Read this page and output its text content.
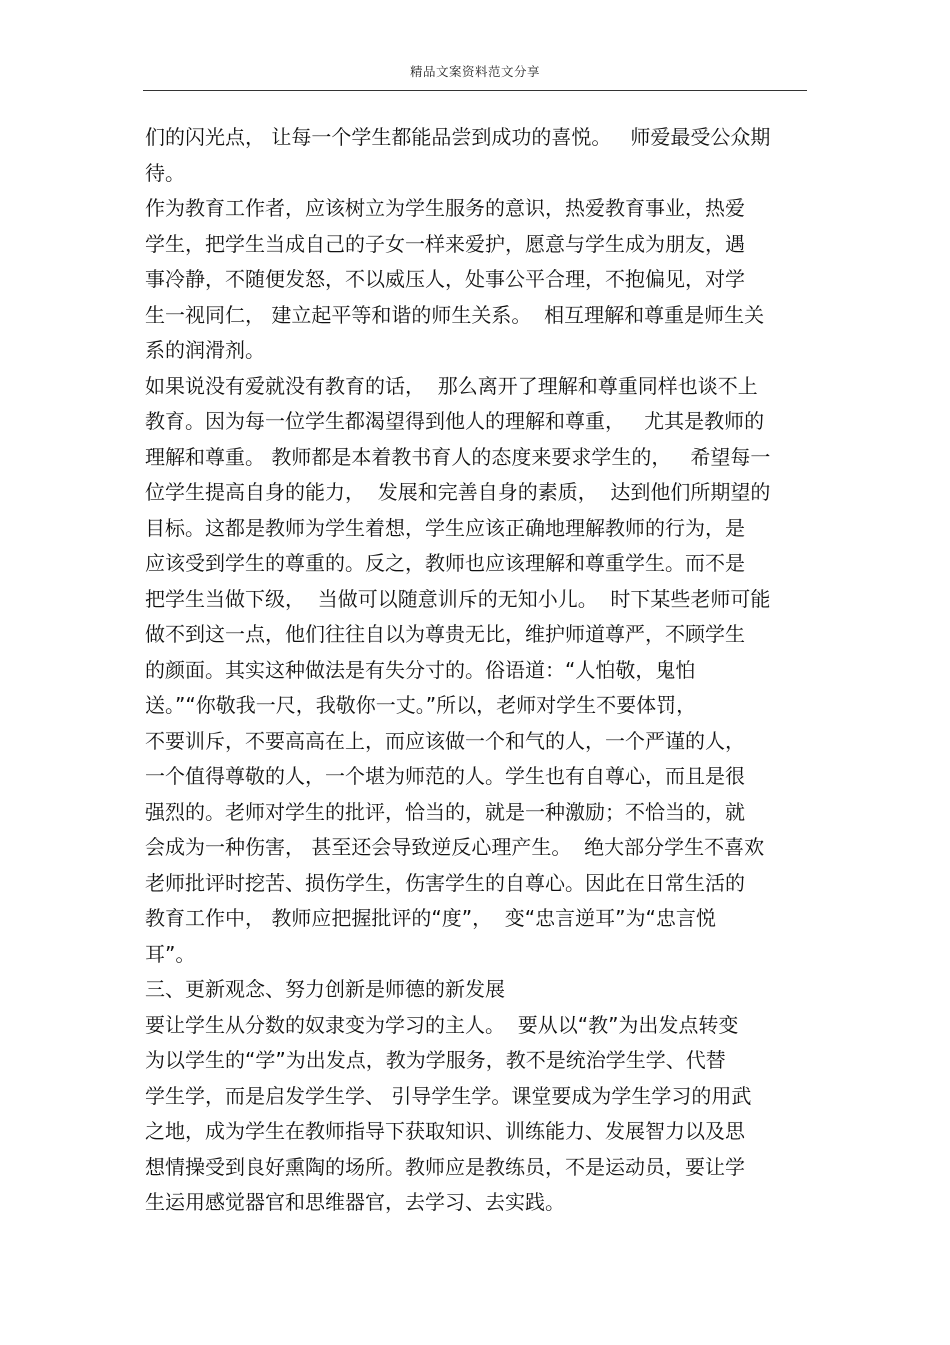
精品文案资料范文分享
们的闪光点， 让每一个学生都能品尝到成功的喜悦。   师爱最受公众期
待。
作为教育工作者，应该树立为学生服务的意识，热爱教育事业，热爱
学生，把学生当成自己的子女一样来爱护，愿意与学生成为朋友，遇
事冷静，不随便发怒，不以威压人，处事公平合理，不抱偏见，对学
生一视同仁， 建立起平等和谐的师生关系。  相互理解和尊重是师生关
系的润滑剂。
如果说没有爱就没有教育的话，  那么离开了理解和尊重同样也谈不上
教育。因为每一位学生都渴望得到他人的理解和尊重，   尤其是教师的
理解和尊重。 教师都是本着教书育人的态度来要求学生的，   希望每一
位学生提高自身的能力，  发展和完善自身的素质，  达到他们所期望的
目标。这都是教师为学生着想，学生应该正确地理解教师的行为，是
应该受到学生的尊重的。反之，教师也应该理解和尊重学生。而不是
把学生当做下级，  当做可以随意训斥的无知小儿。  时下某些老师可能
做不到这一点，他们往往自以为尊贵无比，维护师道尊严，不顾学生
的颜面。其实这种做法是有失分寸的。俗语道：“人怕敬，鬼怕
送。”“你敬我一尺，我敬你一丈。”所以，老师对学生不要体罚，
不要训斥，不要高高在上，而应该做一个和气的人，一个严谨的人，
一个值得尊敬的人，一个堪为师范的人。学生也有自尊心，而且是很
强烈的。老师对学生的批评，恰当的，就是一种激励；不恰当的，就
会成为一种伤害， 甚至还会导致逆反心理产生。  绝大部分学生不喜欢
老师批评时挖苦、损伤学生，伤害学生的自尊心。因此在日常生活的
教育工作中， 教师应把握批评的“度”，  变“忠言逆耳”为“忠言悦
耳”。
三、更新观念、努力创新是师德的新发展
要让学生从分数的奴隶变为学习的主人。  要从以“教”为出发点转变
为以学生的“学”为出发点，教为学服务，教不是统治学生学、代替
学生学，而是启发学生学、 引导学生学。课堂要成为学生学习的用武
之地，成为学生在教师指导下获取知识、训练能力、发展智力以及思
想情操受到良好熏陶的场所。教师应是教练员，不是运动员，要让学
生运用感觉器官和思维器官，去学习、去实践。
